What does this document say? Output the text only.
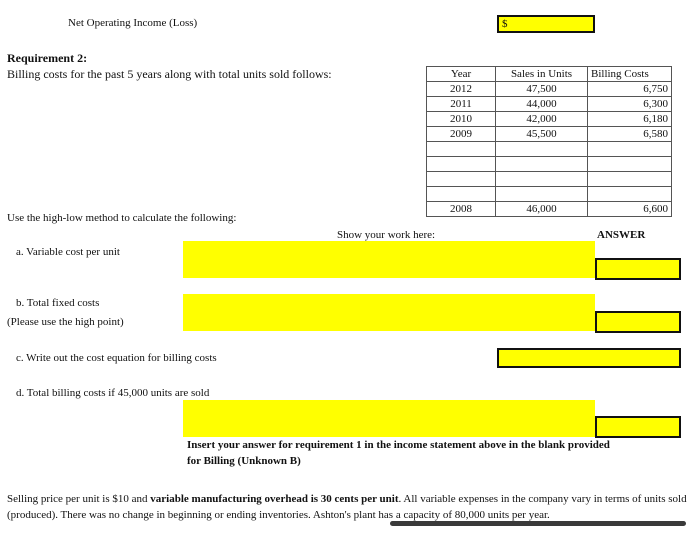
Net Operating Income (Loss)	$
Requirement 2:
Billing costs for the past 5 years along with total units sold follows:	Year	Sales in Units	Billing Costs
2012	47,500	6,750
2011	44,000	6,300
2010	42,000	6,180
2009	45,500	6,580

2008	46,000	6,600
Use the high-low method to calculate the following:
Show your work here:	ANSWER
a. Variable cost per unit
b. Total fixed costs
(Please use the high point)
c. Write out the cost equation for billing costs
d. Total billing costs if 45,000 units are sold
Insert your answer for requirement 1 in the income statement above in the blank provided
for Billing (Unknown B)
Selling price per unit is $10 and variable manufacturing overhead is 30 cents per unit. All variable expenses in the company vary in terms of units sold (produced). There was no change in beginning or ending inventories. Ashton's plant has a capacity of 80,000 units per year.
